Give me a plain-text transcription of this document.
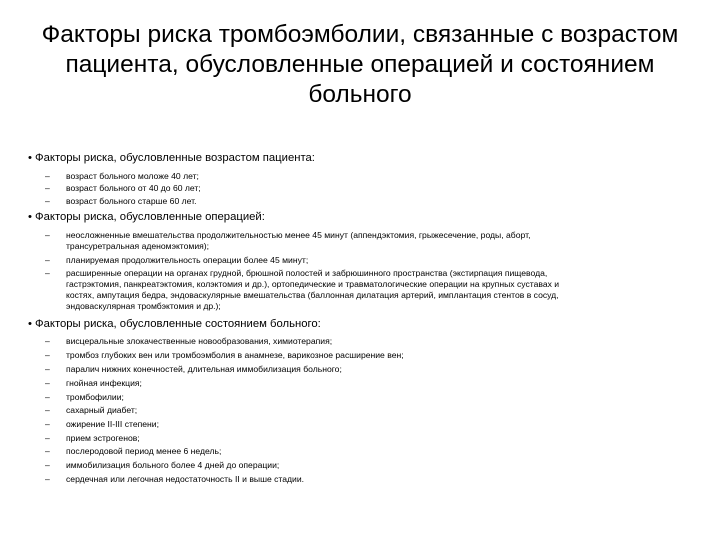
Факторы риска тромбоэмболии, связанные с возрастом
пациента, обусловленные операцией и состоянием
больного
• Факторы риска, обусловленные возрастом пациента:
– возраст больного моложе 40 лет;
– возраст больного от 40 до 60 лет;
– возраст больного старше 60 лет.
• Факторы риска, обусловленные операцией:
– неосложненные вмешательства продолжительностью менее 45 минут (аппендэктомия, грыжесечение, роды, аборт,
трансуретральная аденомэктомия);
– планируемая продолжительность операции более 45 минут;
– расширенные операции на органах грудной, брюшной полостей и забрюшинного пространства (экстирпация пищевода,
гастрэктомия, панкреатэктомия, колэктомия и др.), ортопедические и травматологические операции на крупных суставах и
костях, ампутация бедра, эндоваскулярные вмешательства (баллонная дилатация артерий, имплантация стентов в сосуд,
эндоваскулярная тромбэктомия и др.);
• Факторы риска, обусловленные состоянием больного:
– висцеральные злокачественные новообразования, химиотерапия;
– тромбоз глубоких вен или тромбоэмболия в анамнезе, варикозное расширение вен;
– паралич нижних конечностей, длительная иммобилизация больного;
– гнойная инфекция;
– тромбофилии;
– сахарный диабет;
– ожирение II-III степени;
– прием эстрогенов;
– послеродовой период менее 6 недель;
– иммобилизация больного более 4 дней до операции;
– сердечная или легочная недостаточность II и выше стадии.
